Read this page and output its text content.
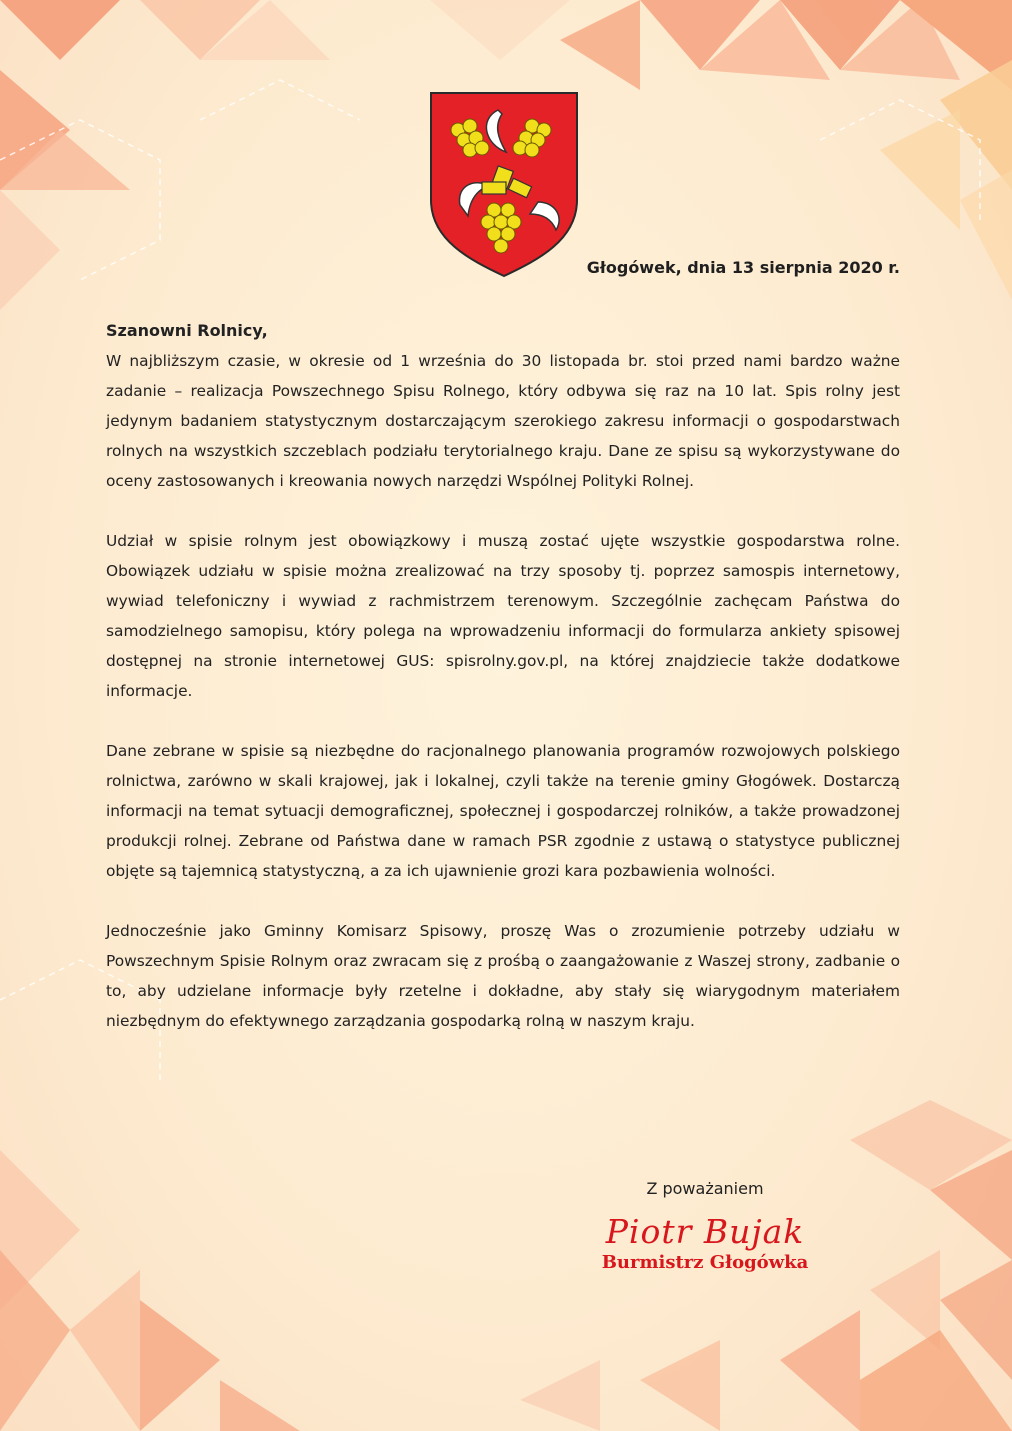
Głogówek, dnia 13 sierpnia 2020 r.
Szanowni Rolnicy,

W najbliższym czasie, w okresie od 1 września do 30 listopada br. stoi przed nami bardzo ważne zadanie – realizacja Powszechnego Spisu Rolnego, który odbywa się raz na 10 lat. Spis rolny jest jedynym badaniem statystycznym dostarczającym szerokiego zakresu informacji o gospodarstwach rolnych na wszystkich szczeblach podziału terytorialnego kraju. Dane ze spisu są wykorzystywane do oceny zastosowanych i kreowania nowych narzędzi Wspólnej Polityki Rolnej.

Udział w spisie rolnym jest obowiązkowy i muszą zostać ujęte wszystkie gospodarstwa rolne. Obowiązek udziału w spisie można zrealizować na trzy sposoby tj. poprzez samospis internetowy, wywiad telefoniczny i wywiad z rachmistrzem terenowym. Szczególnie zachęcam Państwa do samodzielnego samopisu, który polega na wprowadzeniu informacji do formularza ankiety spisowej dostępnej na stronie internetowej GUS: spisrolny.gov.pl, na której znajdziecie także dodatkowe informacje.

Dane zebrane w spisie są niezbędne do racjonalnego planowania programów rozwojowych polskiego rolnictwa, zarówno w skali krajowej, jak i lokalnej, czyli także na terenie gminy Głogówek. Dostarczą informacji na temat sytuacji demograficznej, społecznej i gospodarczej rolników, a także prowadzonej produkcji rolnej. Zebrane od Państwa dane w ramach PSR zgodnie z ustawą o statystyce publicznej objęte są tajemnicą statystyczną, a za ich ujawnienie grozi kara pozbawienia wolności.

Jednocześnie jako Gminny Komisarz Spisowy, proszę Was o zrozumienie potrzeby udziału w Powszechnym Spisie Rolnym oraz zwracam się z prośbą o zaangażowanie z Waszej strony, zadbanie o to, aby udzielane informacje były rzetelne i dokładne, aby stały się wiarygodnym materiałem niezbędnym do efektywnego zarządzania gospodarką rolną w naszym kraju.

Z poważaniem
Piotr Bujak
Burmistrz Głogówka
